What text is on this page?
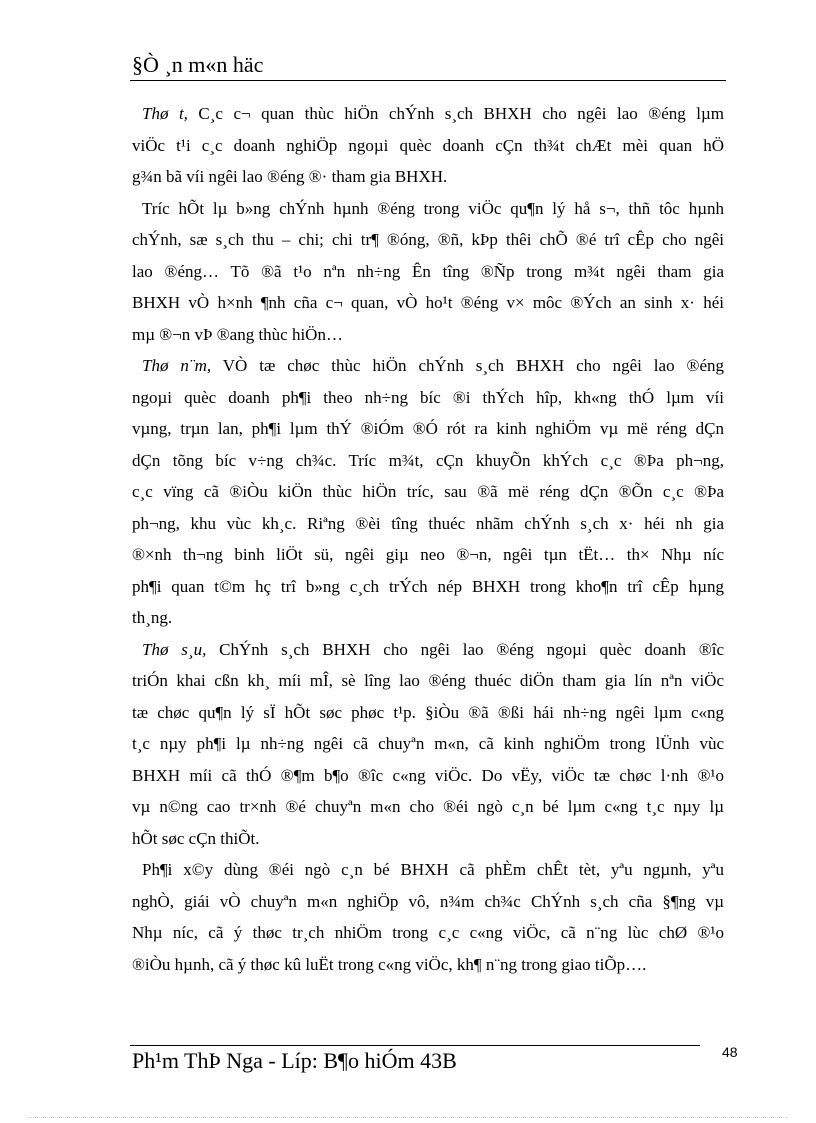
§Ò ¸n m«n häc
Thø t, C¸c c¬ quan thùc hiÖn chÝnh s¸ch BHXH cho ngêi lao ®éng lµm
viÖc t¹i c¸c doanh nghiÖp ngoµi quèc doanh cÇn th¾t chÆt mèi quan hÖ
g¾n bã víi ngêi lao ®éng ®· tham gia BHXH.
Tríc hÕt lµ b»ng chÝnh hµnh ®éng trong viÖc qu¶n lý hå s¬, thñ tôc hµnh
chÝnh, sæ s¸ch thu – chi; chi tr¶ ®óng, ®ñ, kÞp thêi chÕ ®é trî cÊp cho ngêi
lao ®éng… Tõ ®ã t¹o nªn nh÷ng Ên tîng ®Ñp trong m¾t ngêi tham gia
BHXH vÒ h×nh ¶nh cña c¬ quan, vÒ ho¹t ®éng v× môc ®Ých an sinh x· héi
mµ ®¬n vÞ ®ang thùc hiÖn…
Thø n¨m, VÒ tæ chøc thùc hiÖn chÝnh s¸ch BHXH cho ngêi lao ®éng
ngoµi quèc doanh ph¶i theo nh÷ng bíc ®i thÝch hîp, kh«ng thÓ lµm víi
vµng, trµn lan, ph¶i lµm thÝ ®iÓm ®Ó rót ra kinh nghiÖm vµ më réng dÇn
dÇn tõng bíc v÷ng ch¾c. Tríc m¾t, cÇn khuyÕn khÝch c¸c ®Þa ph¬ng,
c¸c vïng cã ®iÒu kiÖn thùc hiÖn tríc, sau ®ã më réng dÇn ®Õn c¸c ®Þa
ph¬ng, khu vùc kh¸c. Riªng ®èi tîng thuéc nhãm chÝnh s¸ch x· héi nh gia
®×nh th¬ng binh liÖt sü, ngêi giµ neo ®¬n, ngêi tµn tËt… th× Nhµ níc
ph¶i quan t©m hç trî b»ng c¸ch trÝch nép BHXH trong kho¶n trî cÊp hµng
th¸ng.
Thø s¸u, ChÝnh s¸ch BHXH cho ngêi lao ®éng ngoµi quèc doanh ®îc
triÓn khai cßn kh¸ míi mÎ, sè lîng lao ®éng thuéc diÖn tham gia lín nªn viÖc
tæ chøc qu¶n lý sÏ hÕt søc phøc t¹p. §iÒu ®ã ®ßi hái nh÷ng ngêi lµm c«ng
t¸c nµy ph¶i lµ nh÷ng ngêi cã chuyªn m«n, cã kinh nghiÖm trong lÜnh vùc
BHXH míi cã thÓ ®¶m b¶o ®îc c«ng viÖc. Do vËy, viÖc tæ chøc l·nh ®¹o
vµ n©ng cao tr×nh ®é chuyªn m«n cho ®éi ngò c¸n bé lµm c«ng t¸c nµy lµ
hÕt søc cÇn thiÕt.
Ph¶i x©y dùng ®éi ngò c¸n bé BHXH cã phÈm chÊt tèt, yªu ngµnh, yªu
nghÒ, giái vÒ chuyªn m«n nghiÖp vô, n¾m ch¾c ChÝnh s¸ch cña §¶ng vµ
Nhµ níc, cã ý thøc tr¸ch nhiÖm trong c¸c c«ng viÖc, cã n¨ng lùc chØ ®¹o
®iÒu hµnh, cã ý thøc kû luËt trong c«ng viÖc, kh¶ n¨ng trong giao tiÕp….
Ph¹m ThÞ Nga - Líp: B¶o hiÓm 43B	48
